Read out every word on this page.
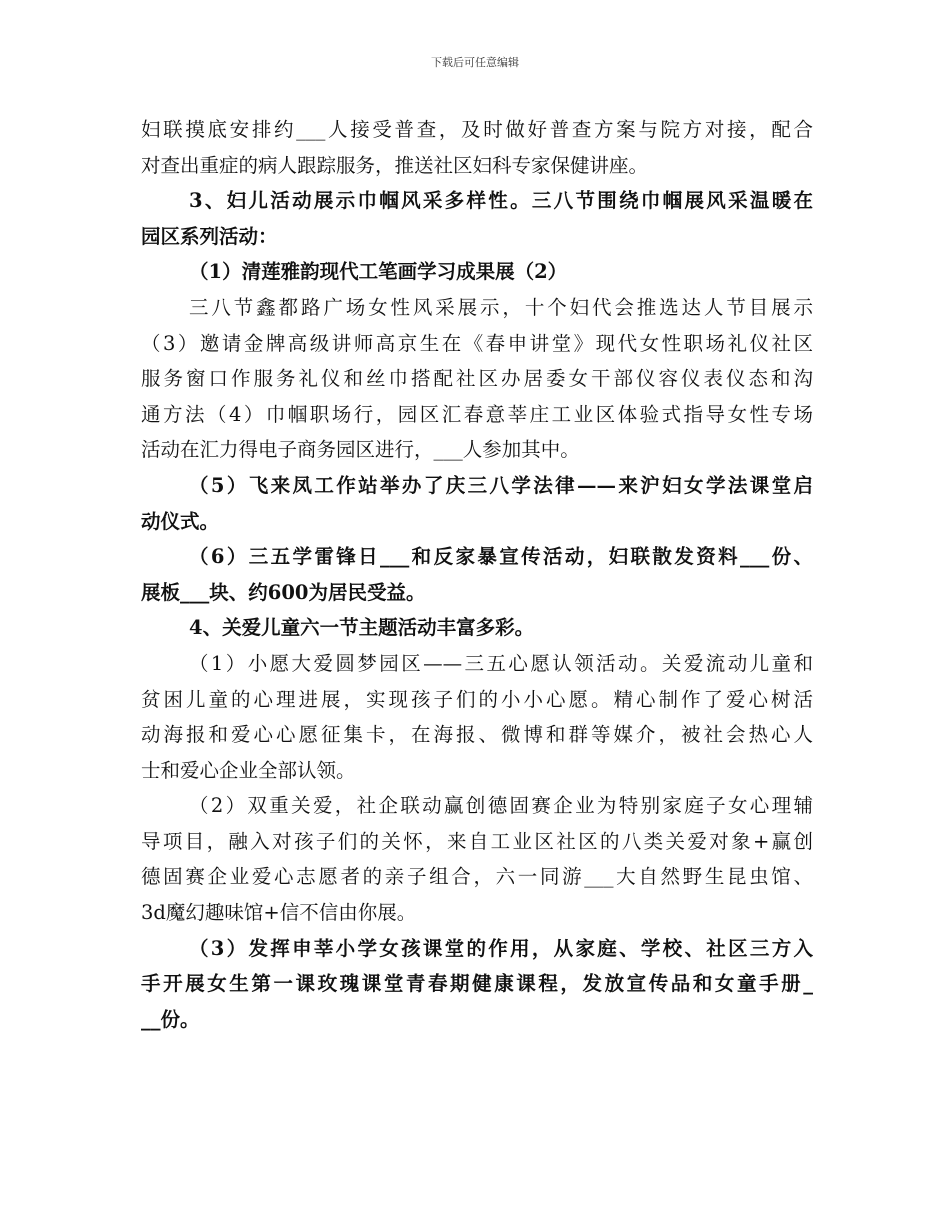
下载后可任意编辑
妇联摸底安排约___人接受普查，及时做好普查方案与院方对接，配合
对查出重症的病人跟踪服务，推送社区妇科专家保健讲座。
3、妇儿活动展示巾帼风采多样性。三八节围绕巾帼展风采温暖在
园区系列活动：
（1）清莲雅韵现代工笔画学习成果展（2）
三八节鑫都路广场女性风采展示，十个妇代会推选达人节目展示
（3）邀请金牌高级讲师高京生在《春申讲堂》现代女性职场礼仪社区
服务窗口作服务礼仪和丝巾搭配社区办居委女干部仪容仪表仪态和沟
通方法（4）巾帼职场行，园区汇春意莘庄工业区体验式指导女性专场
活动在汇力得电子商务园区进行，___人参加其中。
（5）飞来凤工作站举办了庆三八学法律——来沪妇女学法课堂启
动仪式。
（6）三五学雷锋日___和反家暴宣传活动，妇联散发资料___份、
展板___块、约600为居民受益。
4、关爱儿童六一节主题活动丰富多彩。
（1）小愿大爱圆梦园区——三五心愿认领活动。关爱流动儿童和
贫困儿童的心理进展，实现孩子们的小小心愿。精心制作了爱心树活
动海报和爱心心愿征集卡，在海报、微博和群等媒介，被社会热心人
士和爱心企业全部认领。
（2）双重关爱，社企联动赢创德固赛企业为特别家庭子女心理辅
导项目，融入对孩子们的关怀，来自工业区社区的八类关爱对象+赢创
德固赛企业爱心志愿者的亲子组合，六一同游___大自然野生昆虫馆、
3d魔幻趣味馆+信不信由你展。
（3）发挥申莘小学女孩课堂的作用，从家庭、学校、社区三方入
手开展女生第一课玫瑰课堂青春期健康课程，发放宣传品和女童手册_
__份。
